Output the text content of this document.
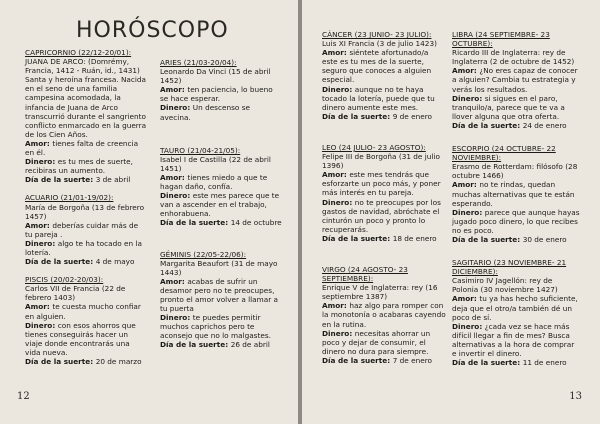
HORÓSCOPO
CAPRICORNIO (22/12-20/01):
JUANA DE ARCO: (Domrémy, Francia, 1412 - Ruán, id., 1431) Santa y heroína francesa. Nacida en el seno de una familia campesina acomodada, la infancia de Juana de Arco transcurrió durante el sangriento conflicto enmarcado en la guerra de los Cien Años.
Amor: tienes falta de creencia en él.
Dinero: es tu mes de suerte, recibiras un aumento.
Día de la suerte: 3 de abril
ACUARIO (21/01-19/02):
María de Borgoña (13 de febrero 1457)
Amor: deberías cuidar más de tu pareja .
Dinero: algo te ha tocado en la lotería.
Día de la suerte: 4 de mayo
PISCIS (20/02-20/03):
Carlos VII de Francia (22 de febrero 1403)
Amor: te cuesta mucho confiar en alguien.
Dinero: con esos ahorros que tienes conseguirás hacer un viaje donde encontrarás una vida nueva.
Día de la suerte: 20 de marzo
ARIES (21/03-20/04):
Leonardo Da Vinci (15 de abril 1452)
Amor: ten paciencia, lo bueno se hace esperar.
Dinero: Un descenso se avecina.
TAURO (21/04-21/05):
Isabel I de Castilla (22 de abril 1451)
Amor: tienes miedo a que te hagan daño, confía.
Dinero: este mes parece que te van a ascender en el trabajo, enhorabuena.
Día de la suerte: 14 de octubre
GÉMINIS (22/05-22/06):
Margarita Beaufort (31 de mayo 1443)
Amor: acabas de sufrir un desamor pero no te preocupes, pronto el amor volver a llamar a tu puerta
Dinero: te puedes permitir muchos caprichos pero te aconsejo que no lo malgastes.
Día de la suerte: 26 de abril
12
CÁNCER (23 JUNIO- 23 JULIO):
Luis XI Francia (3 de julio 1423)
Amor: siéntete afortunado/a este es tu mes de la suerte, seguro que conoces a alguien especial.
Dinero: aunque no te haya tocado la lotería, puede que tu dinero aumente este mes.
Día de la suerte: 9 de enero
LEO (24 JULIO- 23 AGOSTO):
Felipe III de Borgoña (31 de julio 1396)
Amor: este mes tendrás que esforzarte un poco más, y poner más interés en tu pareja.
Dinero: no te preocupes por los gastos de navidad, abróchate el cinturón un poco y pronto lo recuperarás.
Día de la suerte: 18 de enero
VIRGO (24 AGOSTO- 23 SEPTIEMBRE):
Enrique V de Inglaterra: rey (16 septiembre 1387)
Amor: haz algo para romper con la monotonía o acabaras cayendo en la rutina.
Dinero: necesitas ahorrar un poco y dejar de consumir, el dinero no dura para siempre.
Día de la suerte: 7 de enero
LIBRA (24 SEPTIEMBRE- 23 OCTUBRE):
Ricardo III de Inglaterra: rey de Inglaterra (2 de octubre de 1452)
Amor: ¿No eres capaz de conocer a alguien? Cambia tu estrategia y verás los resultados.
Dinero: si sigues en el paro, tranquilo/a, parece que te va a llover alguna que otra oferta.
Día de la suerte: 24 de enero
ESCORPIO (24 OCTUBRE- 22 NOVIEMBRE):
Erasmo de Rotterdam: filósofo (28 octubre 1466)
Amor: no te rindas, quedan muchas alternativas que te están esperando.
Dinero: parece que aunque hayas jugado poco dinero, lo que recibes no es poco.
Día de la suerte: 30 de enero
SAGITARIO (23 NOVIEMBRE- 21 DICIEMBRE):
Casimiro IV Jagellón: rey de Polonia (30 noviembre 1427)
Amor: tu ya has hecho suficiente, deja que el otro/a también dé un poco de sí.
Dinero: ¿cada vez se hace más difícil llegar a fin de mes? Busca alternativas a la hora de comprar e invertir el dinero.
Día de la suerte: 11 de enero
13
